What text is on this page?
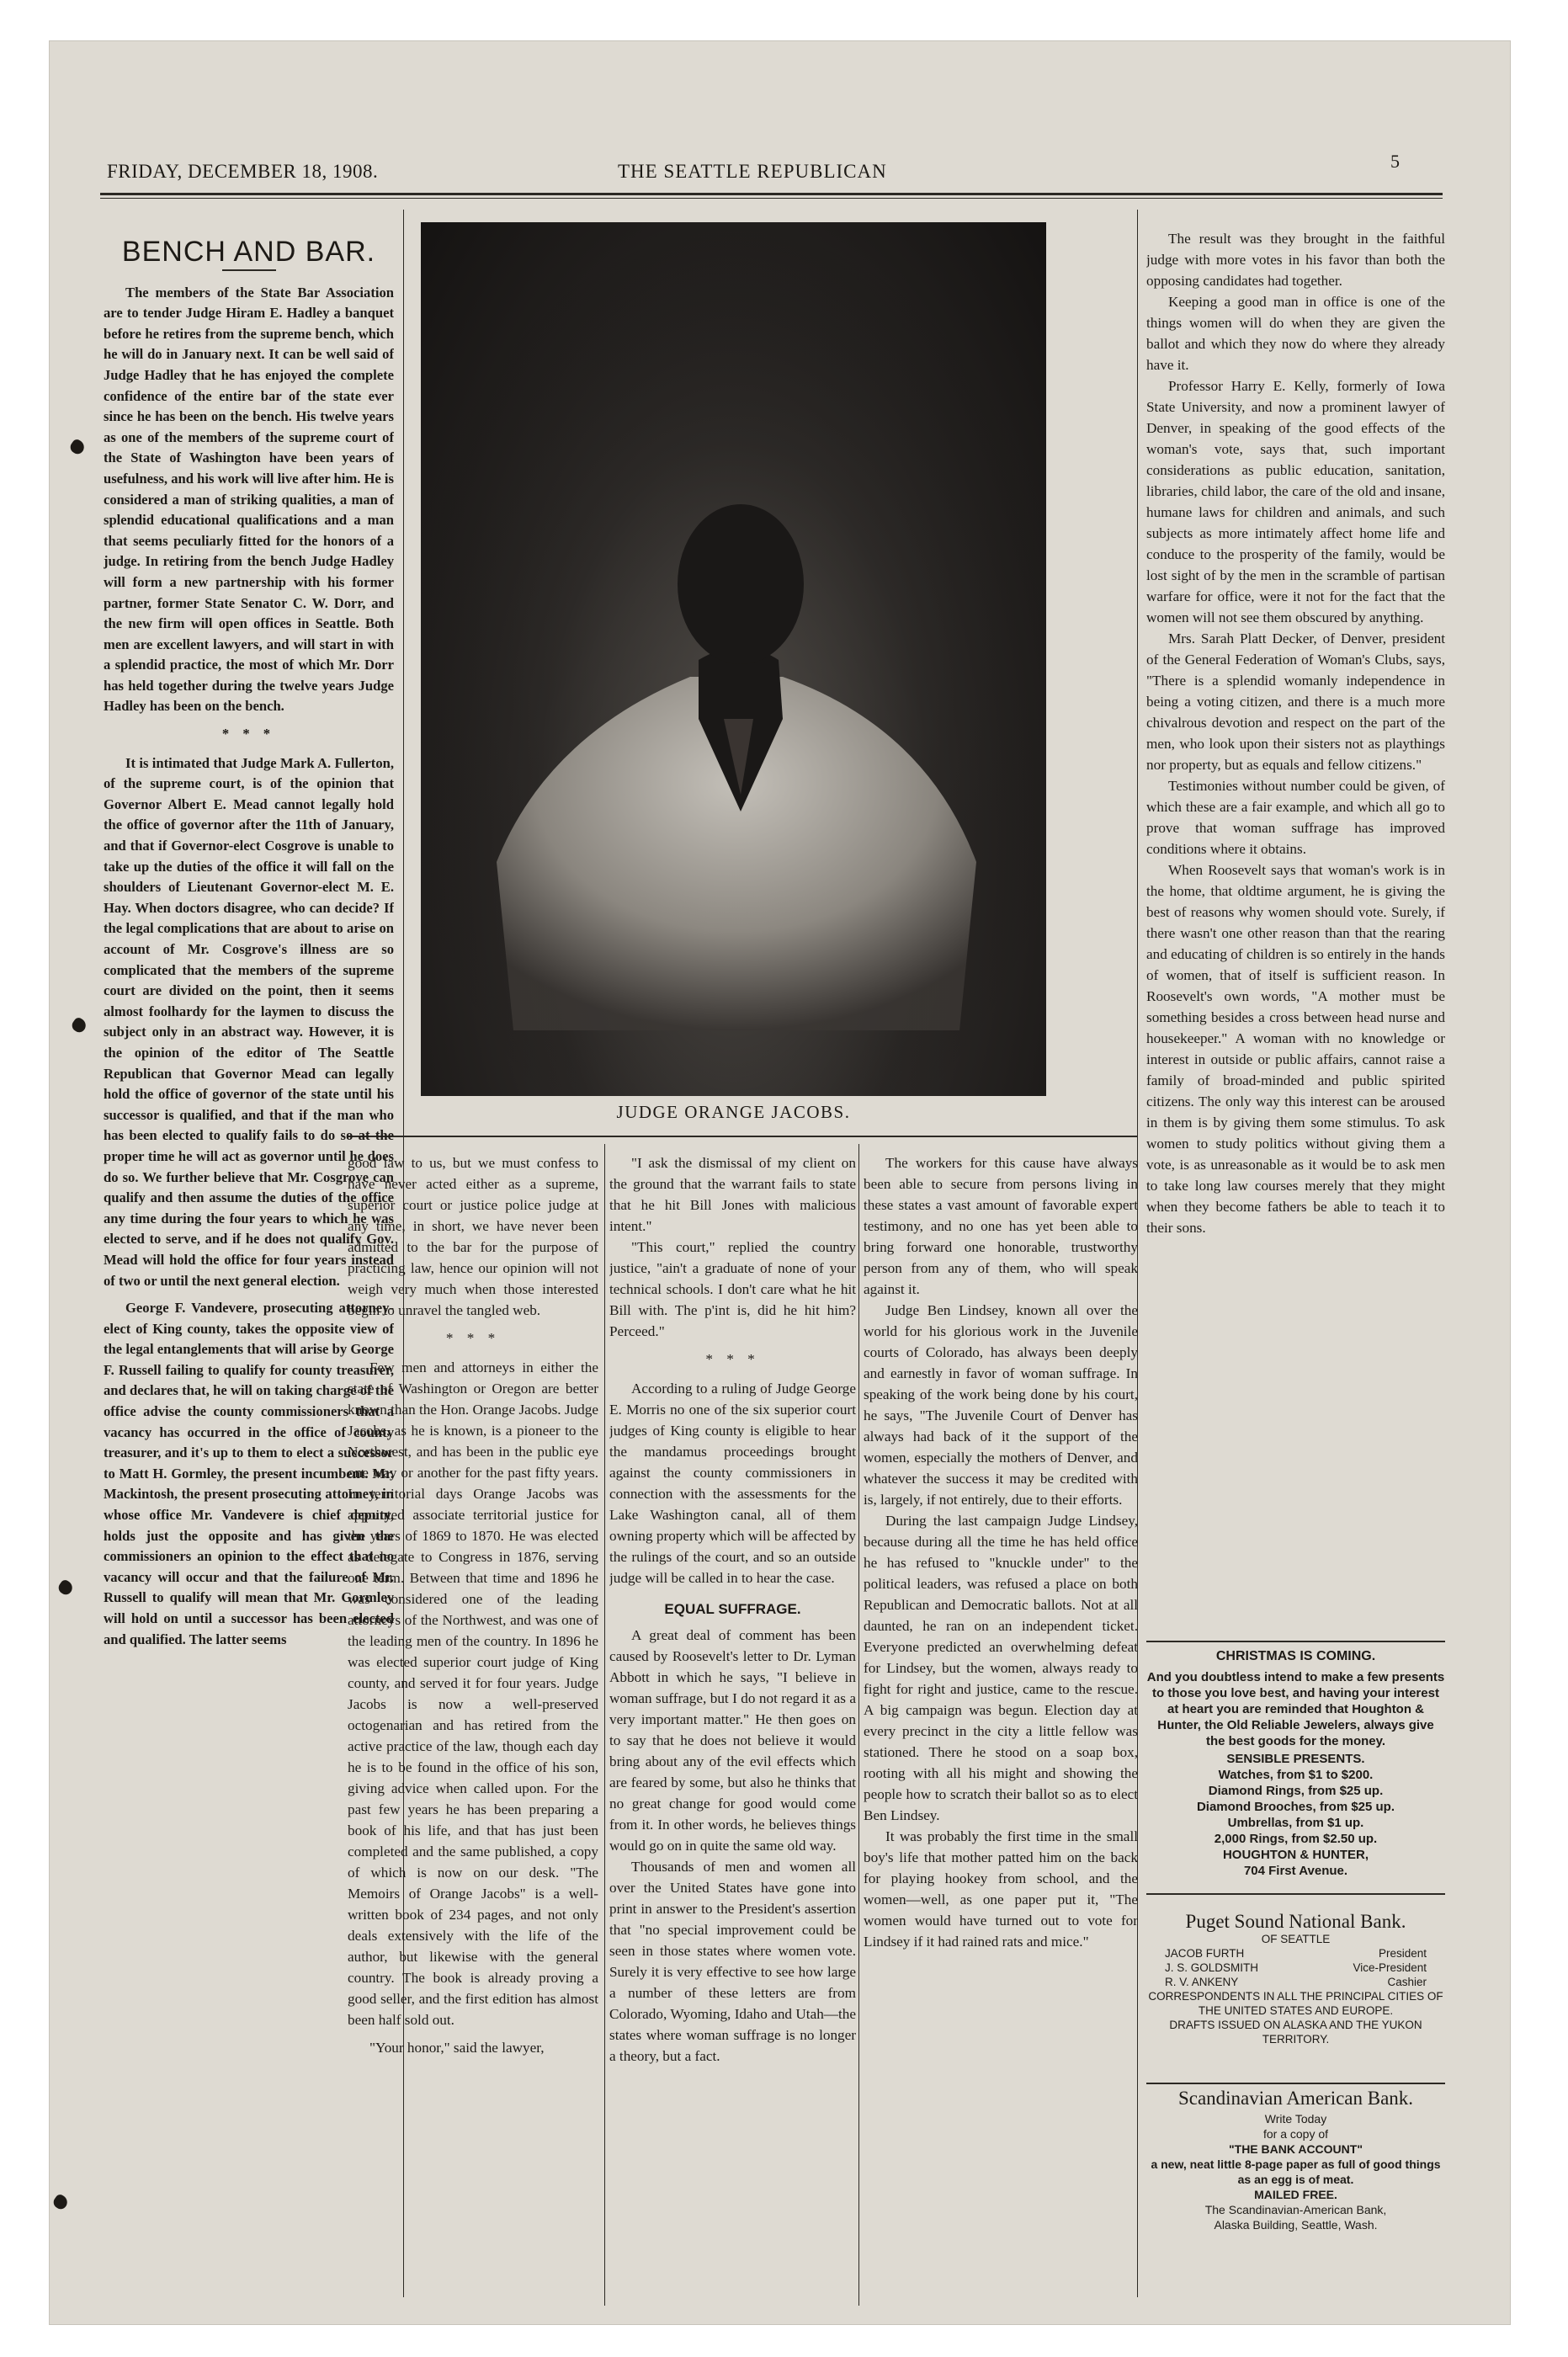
FRIDAY, DECEMBER 18, 1908.	THE SEATTLE REPUBLICAN	5
BENCH AND BAR.

The members of the State Bar Association are to tender Judge Hiram E. Hadley a banquet before he retires from the supreme bench, which he will do in January next. It can be well said of Judge Hadley that he has enjoyed the complete confidence of the entire bar of the state ever since he has been on the bench. His twelve years as one of the members of the supreme court of the State of Washington have been years of usefulness, and his work will live after him. He is considered a man of striking qualities, a man of splendid educational qualifications and a man that seems peculiarly fitted for the honors of a judge. In retiring from the bench Judge Hadley will form a new partnership with his former partner, former State Senator C. W. Dorr, and the new firm will open offices in Seattle. Both men are excellent lawyers, and will start in with a splendid practice, the most of which Mr. Dorr has held together during the twelve years Judge Hadley has been on the bench.

* * *

It is intimated that Judge Mark A. Fullerton, of the supreme court, is of the opinion that Governor Albert E. Mead cannot legally hold the office of governor after the 11th of January, and that if Governor-elect Cosgrove is unable to take up the duties of the office it will fall on the shoulders of Lieutenant Governor-elect M. E. Hay. When doctors disagree, who can decide? If the legal complications that are about to arise on account of Mr. Cosgrove's illness are so complicated that the members of the supreme court are divided on the point, then it seems almost foolhardy for the laymen to discuss the subject only in an abstract way. However, it is the opinion of the editor of The Seattle Republican that Governor Mead can legally hold the office of governor of the state until his successor is qualified, and that if the man who has been elected to qualify fails to do so at the proper time he will act as governor until he does do so. We further believe that Mr. Cosgrove can qualify and then assume the duties of the office any time during the four years to which he was elected to serve, and if he does not qualify Gov. Mead will hold the office for four years instead of two or until the next general election.

George F. Vandevere, prosecuting attorney-elect of King county, takes the opposite view of the legal entanglements that will arise by George F. Russell failing to qualify for county treasurer, and declares that, he will on taking charge of the office advise the county commissioners that a vacancy has occurred in the office of county treasurer, and it's up to them to elect a successor to Matt H. Gormley, the present incumbent. Mr. Mackintosh, the present prosecuting attorney, in whose office Mr. Vandevere is chief deputy, holds just the opposite and has given the commissioners an opinion to the effect that no vacancy will occur and that the failure of Mr. Russell to qualify will mean that Mr. Gormley will hold on until a successor has been elected and qualified. The latter seems

JUDGE ORANGE JACOBS.

good law to us, but we must confess to have never acted either as a supreme, superior court or justice police judge at any time, in short, we have never been admitted to the bar for the purpose of practicing law, hence our opinion will not weigh very much when those interested begin to unravel the tangled web.

* * *

Few men and attorneys in either the state of Washington or Oregon are better known than the Hon. Orange Jacobs. Judge Jacobs, as he is known, is a pioneer to the Northwest, and has been in the public eye one way or another for the past fifty years. In territorial days Orange Jacobs was appointed associate territorial justice for the years of 1869 to 1870. He was elected as delegate to Congress in 1876, serving one term. Between that time and 1896 he was considered one of the leading attorneys of the Northwest, and was one of the leading men of the country. In 1896 he was elected superior court judge of King county, and served it for four years. Judge Jacobs is now a well-preserved octogenarian and has retired from the active practice of the law, though each day he is to be found in the office of his son, giving advice when called upon. For the past few years he has been preparing a book of his life, and that has just been completed and the same published, a copy of which is now on our desk. "The Memoirs of Orange Jacobs" is a well-written book of 234 pages, and not only deals extensively with the life of the author, but likewise with the general country. The book is already proving a good seller, and the first edition has almost been half sold out.

"Your honor," said the lawyer,

"I ask the dismissal of my client on the ground that the warrant fails to state that he hit Bill Jones with malicious intent."

"This court," replied the country justice, "ain't a graduate of none of your technical schools. I don't care what he hit Bill with. The p'int is, did he hit him? Perceed."

* * *

According to a ruling of Judge George E. Morris no one of the six superior court judges of King county is eligible to hear the mandamus proceedings brought against the county commissioners in connection with the assessments for the Lake Washington canal, all of them owning property which will be affected by the rulings of the court, and so an outside judge will be called in to hear the case.

EQUAL SUFFRAGE.

A great deal of comment has been caused by Roosevelt's letter to Dr. Lyman Abbott in which he says, "I believe in woman suffrage, but I do not regard it as a very important matter." He then goes on to say that he does not believe it would bring about any of the evil effects which are feared by some, but also he thinks that no great change for good would come from it. In other words, he believes things would go on in quite the same old way.

Thousands of men and women all over the United States have gone into print in answer to the President's assertion that "no special improvement could be seen in those states where women vote. Surely it is very effective to see how large a number of these letters are from Colorado, Wyoming, Idaho and Utah—the states where woman suffrage is no longer a theory, but a fact.

The workers for this cause have always been able to secure from persons living in these states a vast amount of favorable expert testimony, and no one has yet been able to bring forward one honorable, trustworthy person from any of them, who will speak against it.

Judge Ben Lindsey, known all over the world for his glorious work in the Juvenile courts of Colorado, has always been deeply and earnestly in favor of woman suffrage. In speaking of the work being done by his court, he says, "The Juvenile Court of Denver has always had back of it the support of the women, especially the mothers of Denver, and whatever the success it may be credited with is, largely, if not entirely, due to their efforts.

During the last campaign Judge Lindsey, because during all the time he has held office he has refused to "knuckle under" to the political leaders, was refused a place on both Republican and Democratic ballots. Not at all daunted, he ran on an independent ticket. Everyone predicted an overwhelming defeat for Lindsey, but the women, always ready to fight for right and justice, came to the rescue. A big campaign was begun. Election day at every precinct in the city a little fellow was stationed. There he stood on a soap box, rooting with all his might and showing the people how to scratch their ballot so as to elect Ben Lindsey.

It was probably the first time in the small boy's life that mother patted him on the back for playing hookey from school, and the women—well, as one paper put it, "The women would have turned out to vote for Lindsey if it had rained rats and mice."

The result was they brought in the faithful judge with more votes in his favor than both the opposing candidates had together.

Keeping a good man in office is one of the things women will do when they are given the ballot and which they now do where they already have it.

Professor Harry E. Kelly, formerly of Iowa State University, and now a prominent lawyer of Denver, in speaking of the good effects of the woman's vote, says that, such important considerations as public education, sanitation, libraries, child labor, the care of the old and insane, humane laws for children and animals, and such subjects as more intimately affect home life and conduce to the prosperity of the family, would be lost sight of by the men in the scramble of partisan warfare for office, were it not for the fact that the women will not see them obscured by anything.

Mrs. Sarah Platt Decker, of Denver, president of the General Federation of Woman's Clubs, says, "There is a splendid womanly independence in being a voting citizen, and there is a much more chivalrous devotion and respect on the part of the men, who look upon their sisters not as playthings nor property, but as equals and fellow citizens."

Testimonies without number could be given, of which these are a fair example, and which all go to prove that woman suffrage has improved conditions where it obtains.

When Roosevelt says that woman's work is in the home, that oldtime argument, he is giving the best of reasons why women should vote. Surely, if there wasn't one other reason than that the rearing and educating of children is so entirely in the hands of women, that of itself is sufficient reason. In Roosevelt's own words, "A mother must be something besides a cross between head nurse and housekeeper." A woman with no knowledge or interest in outside or public affairs, cannot raise a family of broad-minded and public spirited citizens. The only way this interest can be aroused in them is by giving them some stimulus. To ask women to study politics without giving them a vote, is as unreasonable as it would be to ask men to take long law courses merely that they might when they become fathers be able to teach it to their sons.

CHRISTMAS IS COMING.
And you doubtless intend to make a few presents to those you love best, and having your interest at heart you are reminded that Houghton & Hunter, the Old Reliable Jewelers, always give the best goods for the money.
SENSIBLE PRESENTS.
Watches, from $1 to $200.
Diamond Rings, from $25 up.
Diamond Brooches, from $25 up.
Umbrellas, from $1 up.
2,000 Rings, from $2.50 up.
HOUGHTON & HUNTER,
704 First Avenue.
Puget Sound National Bank.
OF SEATTLE
JACOB FURTH	President
J. S. GOLDSMITH	Vice-President
R. V. ANKENY	Cashier
CORRESPONDENTS IN ALL THE PRINCIPAL CITIES OF THE UNITED STATES AND EUROPE.
DRAFTS ISSUED ON ALASKA AND THE YUKON TERRITORY.
Scandinavian American Bank.
Write Today
for a copy of
"THE BANK ACCOUNT"
a new, neat little 8-page paper as full of good things as an egg is of meat.
MAILED FREE.
The Scandinavian-American Bank,
Alaska Building, Seattle, Wash.
